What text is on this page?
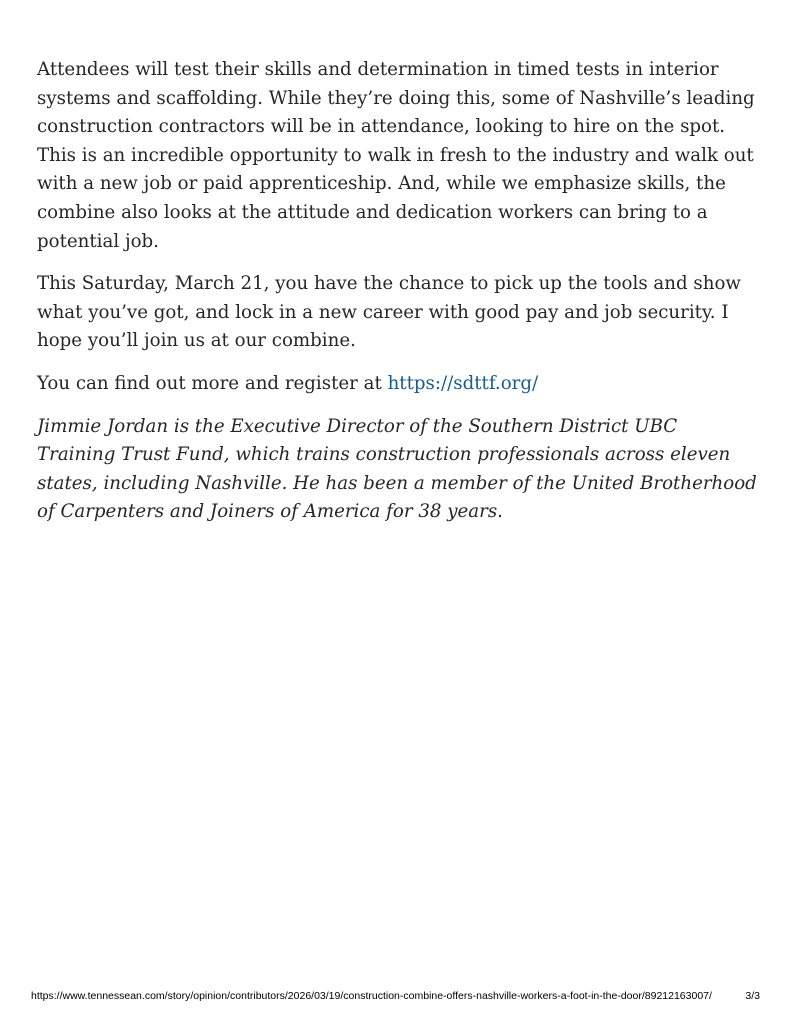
Attendees will test their skills and determination in timed tests in interior systems and scaffolding. While they’re doing this, some of Nashville’s leading construction contractors will be in attendance, looking to hire on the spot. This is an incredible opportunity to walk in fresh to the industry and walk out with a new job or paid apprenticeship. And, while we emphasize skills, the combine also looks at the attitude and dedication workers can bring to a potential job.

This Saturday, March 21, you have the chance to pick up the tools and show what you’ve got, and lock in a new career with good pay and job security. I hope you’ll join us at our combine.

You can find out more and register at https://sdttf.org/

Jimmie Jordan is the Executive Director of the Southern District UBC Training Trust Fund, which trains construction professionals across eleven states, including Nashville. He has been a member of the United Brotherhood of Carpenters and Joiners of America for 38 years.

https://www.tennessean.com/story/opinion/contributors/2026/03/19/construction-combine-offers-nashville-workers-a-foot-in-the-door/89212163007/	3/3
